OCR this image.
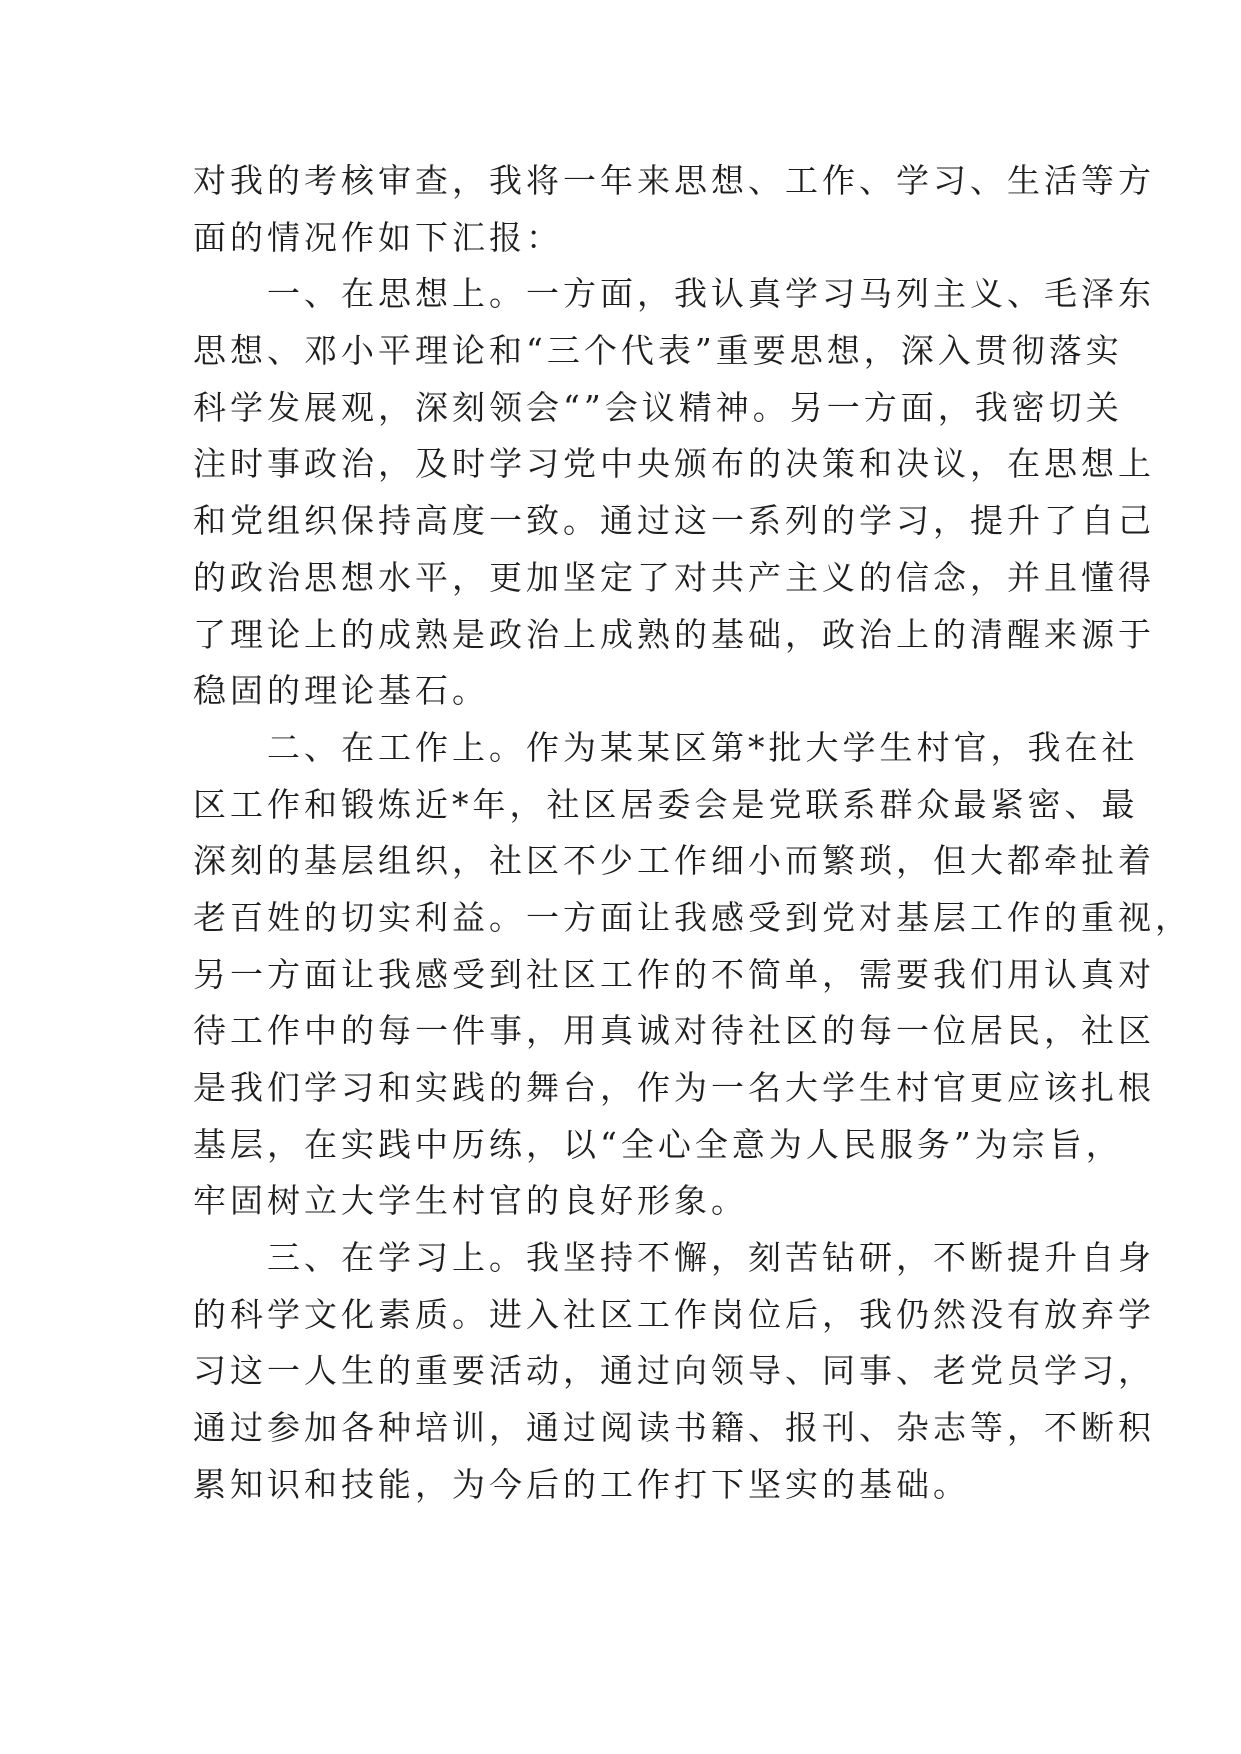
对我的考核审查，我将一年来思想、工作、学习、生活等方
面的情况作如下汇报：
一、在思想上。一方面，我认真学习马列主义、毛泽东
思想、邓小平理论和“三个代表”重要思想，深入贯彻落实
科学发展观，深刻领会“”会议精神。另一方面，我密切关
注时事政治，及时学习党中央颁布的决策和决议，在思想上
和党组织保持高度一致。通过这一系列的学习，提升了自己
的政治思想水平，更加坚定了对共产主义的信念，并且懂得
了理论上的成熟是政治上成熟的基础，政治上的清醒来源于
稳固的理论基石。
二、在工作上。作为某某区第*批大学生村官，我在社
区工作和锻炼近*年，社区居委会是党联系群众最紧密、最
深刻的基层组织，社区不少工作细小而繁琐，但大都牵扯着
老百姓的切实利益。一方面让我感受到党对基层工作的重视，
另一方面让我感受到社区工作的不简单，需要我们用认真对
待工作中的每一件事，用真诚对待社区的每一位居民，社区
是我们学习和实践的舞台，作为一名大学生村官更应该扎根
基层，在实践中历练，以“全心全意为人民服务”为宗旨，
牢固树立大学生村官的良好形象。
三、在学习上。我坚持不懈，刻苦钻研，不断提升自身
的科学文化素质。进入社区工作岗位后，我仍然没有放弃学
习这一人生的重要活动，通过向领导、同事、老党员学习，
通过参加各种培训，通过阅读书籍、报刊、杂志等，不断积
累知识和技能，为今后的工作打下坚实的基础。
